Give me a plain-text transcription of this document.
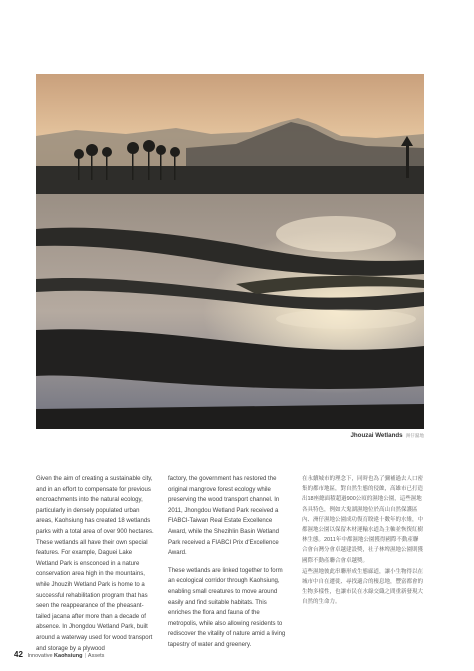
Jhouzai Wetlands 洲仔濕地

Given the aim of creating a sustainable city, and in an effort to compensate for previous encroachments into the natural ecology, particularly in densely populated urban areas, Kaohsiung has created 18 wetlands parks with a total area of over 900 hectares. These wetlands all have their own special features. For example, Daguei Lake Wetland Park is ensconced in a nature conservation area high in the mountains, while Jhouzih Wetland Park is home to a successful rehabilitation program that has seen the reappearance of the pheasant-tailed jacana after more than a decade of absence. In Jhongdou Wetland Park, built around a waterway used for wood transport and storage by a plywood

factory, the government has restored the original mangrove forest ecology while preserving the wood transport channel. In 2011, Jhongdou Wetland Park received a FIABCI-Taiwan Real Estate Excellence Award, while the Shezihlin Basin Wetland Park received a FIABCI Prix d'Excellence Award.

These wetlands are linked together to form an ecological corridor through Kaohsiung, enabling small creatures to move around easily and find suitable habitats. This enriches the flora and fauna of the metropolis, while also allowing residents to rediscover the vitality of nature amid a living tapestry of water and greenery.

在永續城市的理念下，同時也為了彌補過去人口密集的都市地區，對自然生態的侵蝕，高雄市已打造出18座總面積超過900公頃的濕地公園，這些濕地各具特色，例如大鬼湖濕地位於高山自然保護區內、洲仔濕地公園成功復育睽違十數年的水雉，中都濕地公園以保留木材運輸水道為主軸並恢復紅樹林生態。2011年中都濕地公園獲得國際不動產聯合會台灣分會卓越建設獎，社子林埤濕地公園則獲國際不動產聯合會卓越獎。

這些濕地彼此串聯形成生態廊道，讓小生物得以在城市中自在遷徙、尋找適合的棲息地，豐富都會的生物多樣性，也讓市民在水綠交織之間重新發現大自然的生命力。

42 Innovative Kaohsiung | Assets
